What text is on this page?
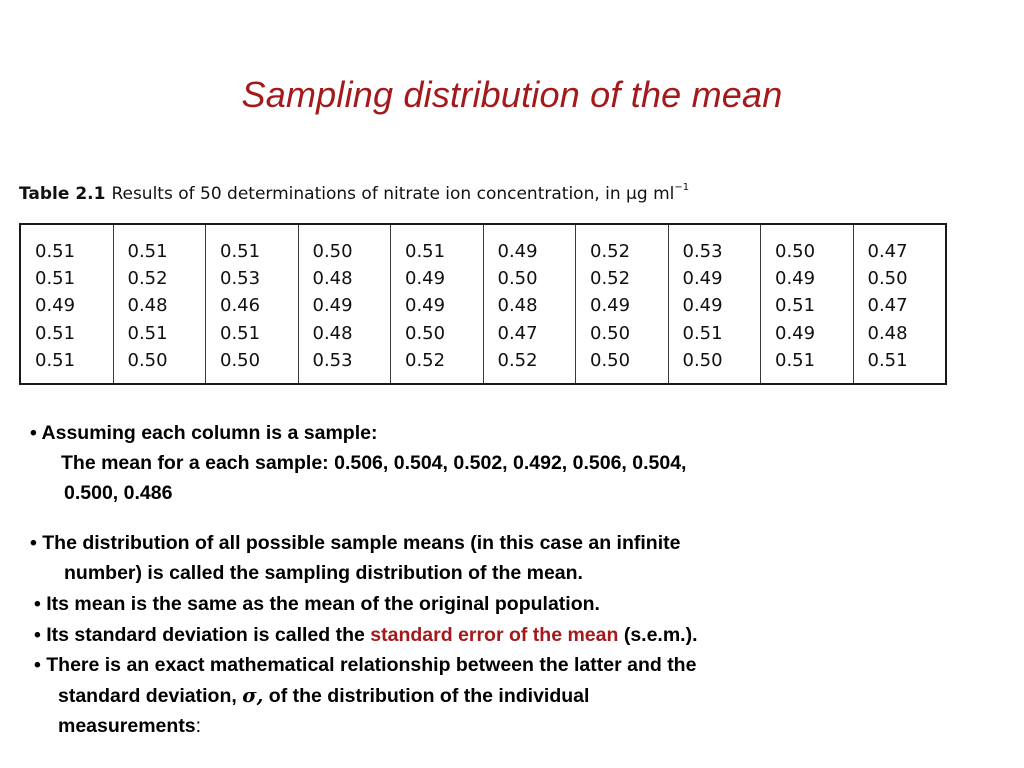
Sampling distribution of the mean
Table 2.1 Results of 50 determinations of nitrate ion concentration, in μg $ml^{-1}$
0.51
0.51
0.49
0.51
0.51
0.51
0.52
0.48
0.51
0.50
0.51
0.53
0.46
0.51
0.50
0.50
0.48
0.49
0.48
0.53
0.51
0.49
0.49
0.50
0.52
0.49
0.50
0.48
0.47
0.52
0.52
0.52
0.49
0.50
0.50
0.53
0.49
0.49
0.51
0.50
0.50
0.49
0.51
0.49
0.51
0.47
0.50
0.47
0.48
0.51
• Assuming each column is a sample:
The mean for a each sample: 0.506, 0.504, 0.502, 0.492, 0.506, 0.504,
0.500, 0.486
• The distribution of all possible sample means (in this case an infinite
number) is called the sampling distribution of the mean.
• Its mean is the same as the mean of the original population.
• Its standard deviation is called the standard error of the mean (s.e.m.).
• There is an exact mathematical relationship between the latter and the
standard deviation, σ, of the distribution of the individual
measurements:
